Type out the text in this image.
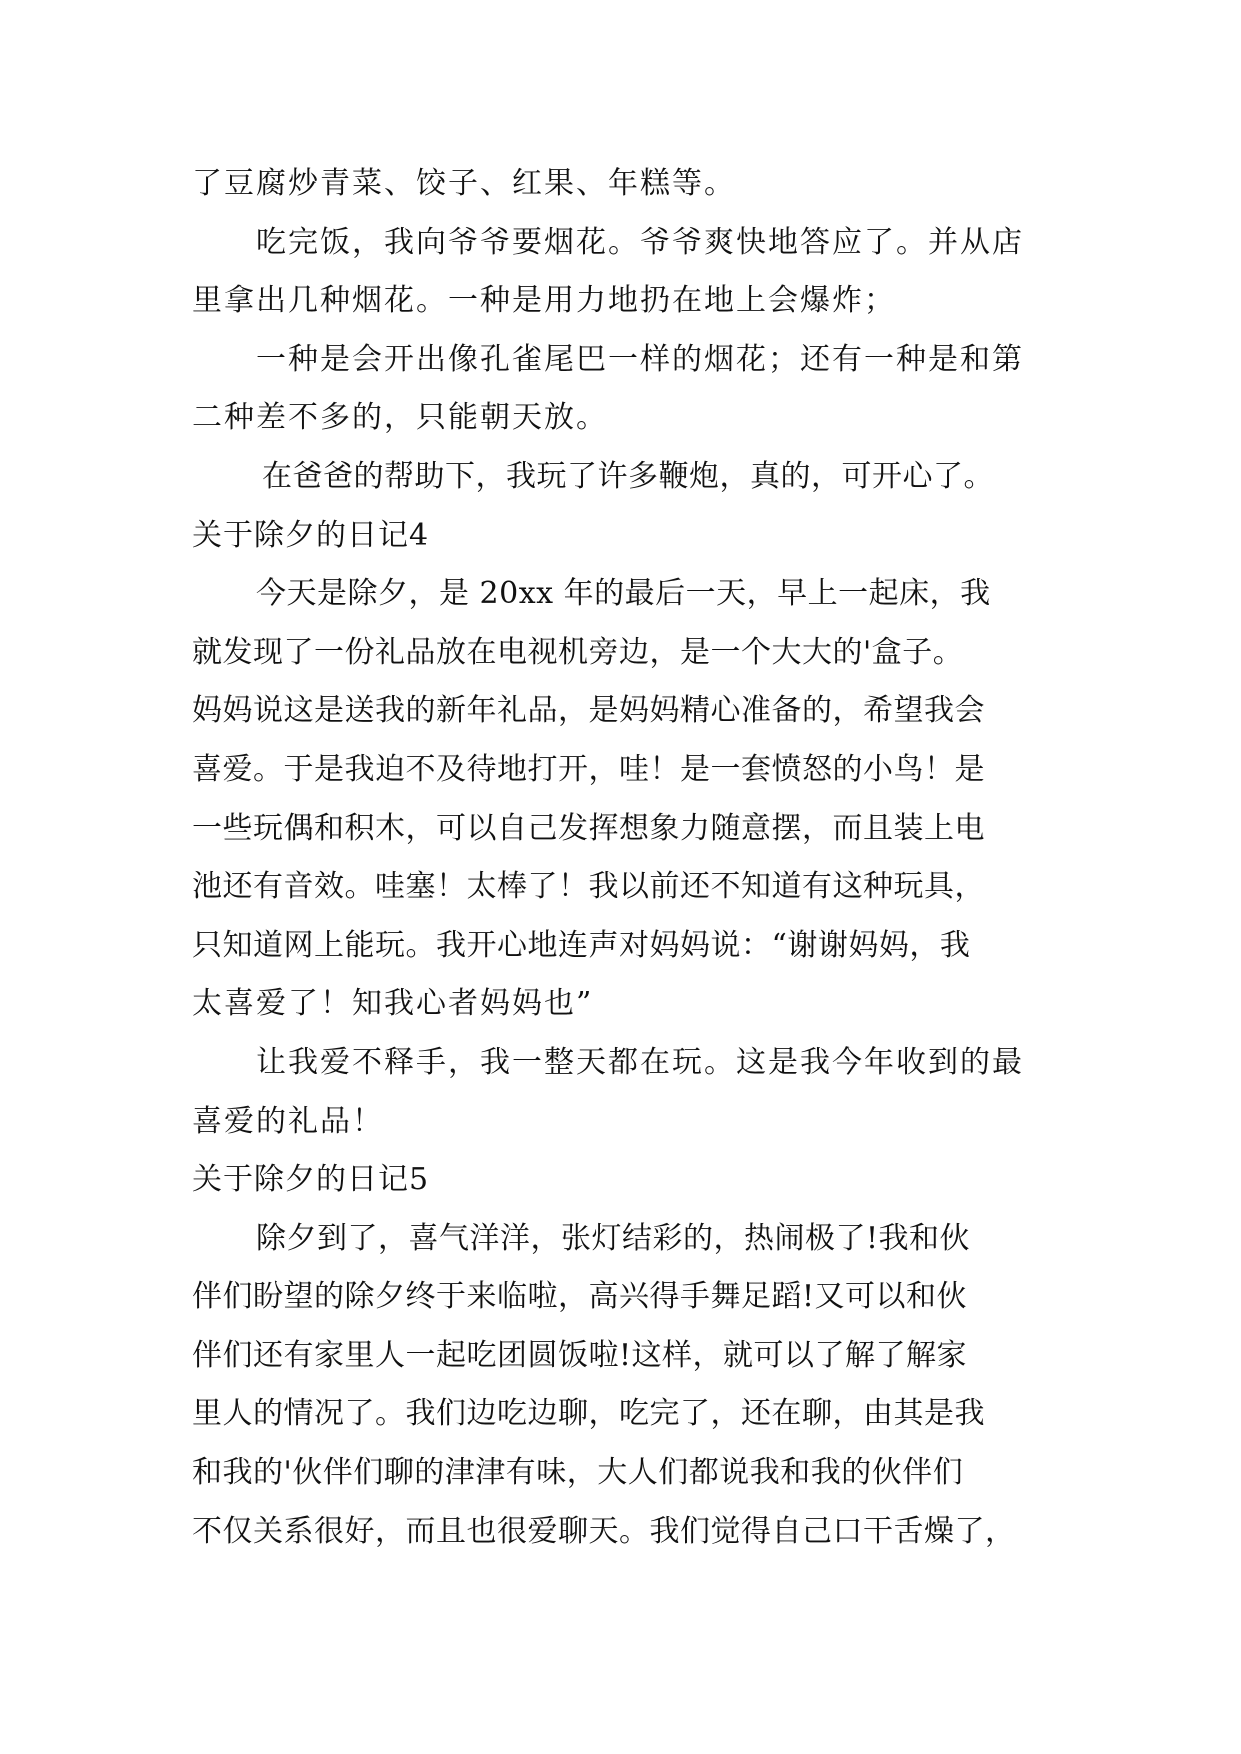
了豆腐炒青菜、饺子、红果、年糕等。
吃完饭，我向爷爷要烟花。爷爷爽快地答应了。并从店
里拿出几种烟花。一种是用力地扔在地上会爆炸；
一种是会开出像孔雀尾巴一样的烟花；还有一种是和第
二种差不多的，只能朝天放。
在爸爸的帮助下，我玩了许多鞭炮，真的，可开心了。
关于除夕的日记4
今天是除夕，是 20xx 年的最后一天，早上一起床，我
就发现了一份礼品放在电视机旁边，是一个大大的'盒子。
妈妈说这是送我的新年礼品，是妈妈精心准备的，希望我会
喜爱。于是我迫不及待地打开，哇！是一套愤怒的小鸟！是
一些玩偶和积木，可以自己发挥想象力随意摆，而且装上电
池还有音效。哇塞！太棒了！我以前还不知道有这种玩具，
只知道网上能玩。我开心地连声对妈妈说：“谢谢妈妈，我
太喜爱了！知我心者妈妈也”
让我爱不释手，我一整天都在玩。这是我今年收到的最
喜爱的礼品！
关于除夕的日记5
除夕到了，喜气洋洋，张灯结彩的，热闹极了!我和伙
伴们盼望的除夕终于来临啦，高兴得手舞足蹈!又可以和伙
伴们还有家里人一起吃团圆饭啦!这样，就可以了解了解家
里人的情况了。我们边吃边聊，吃完了，还在聊，由其是我
和我的'伙伴们聊的津津有味，大人们都说我和我的伙伴们
不仅关系很好，而且也很爱聊天。我们觉得自己口干舌燥了，
